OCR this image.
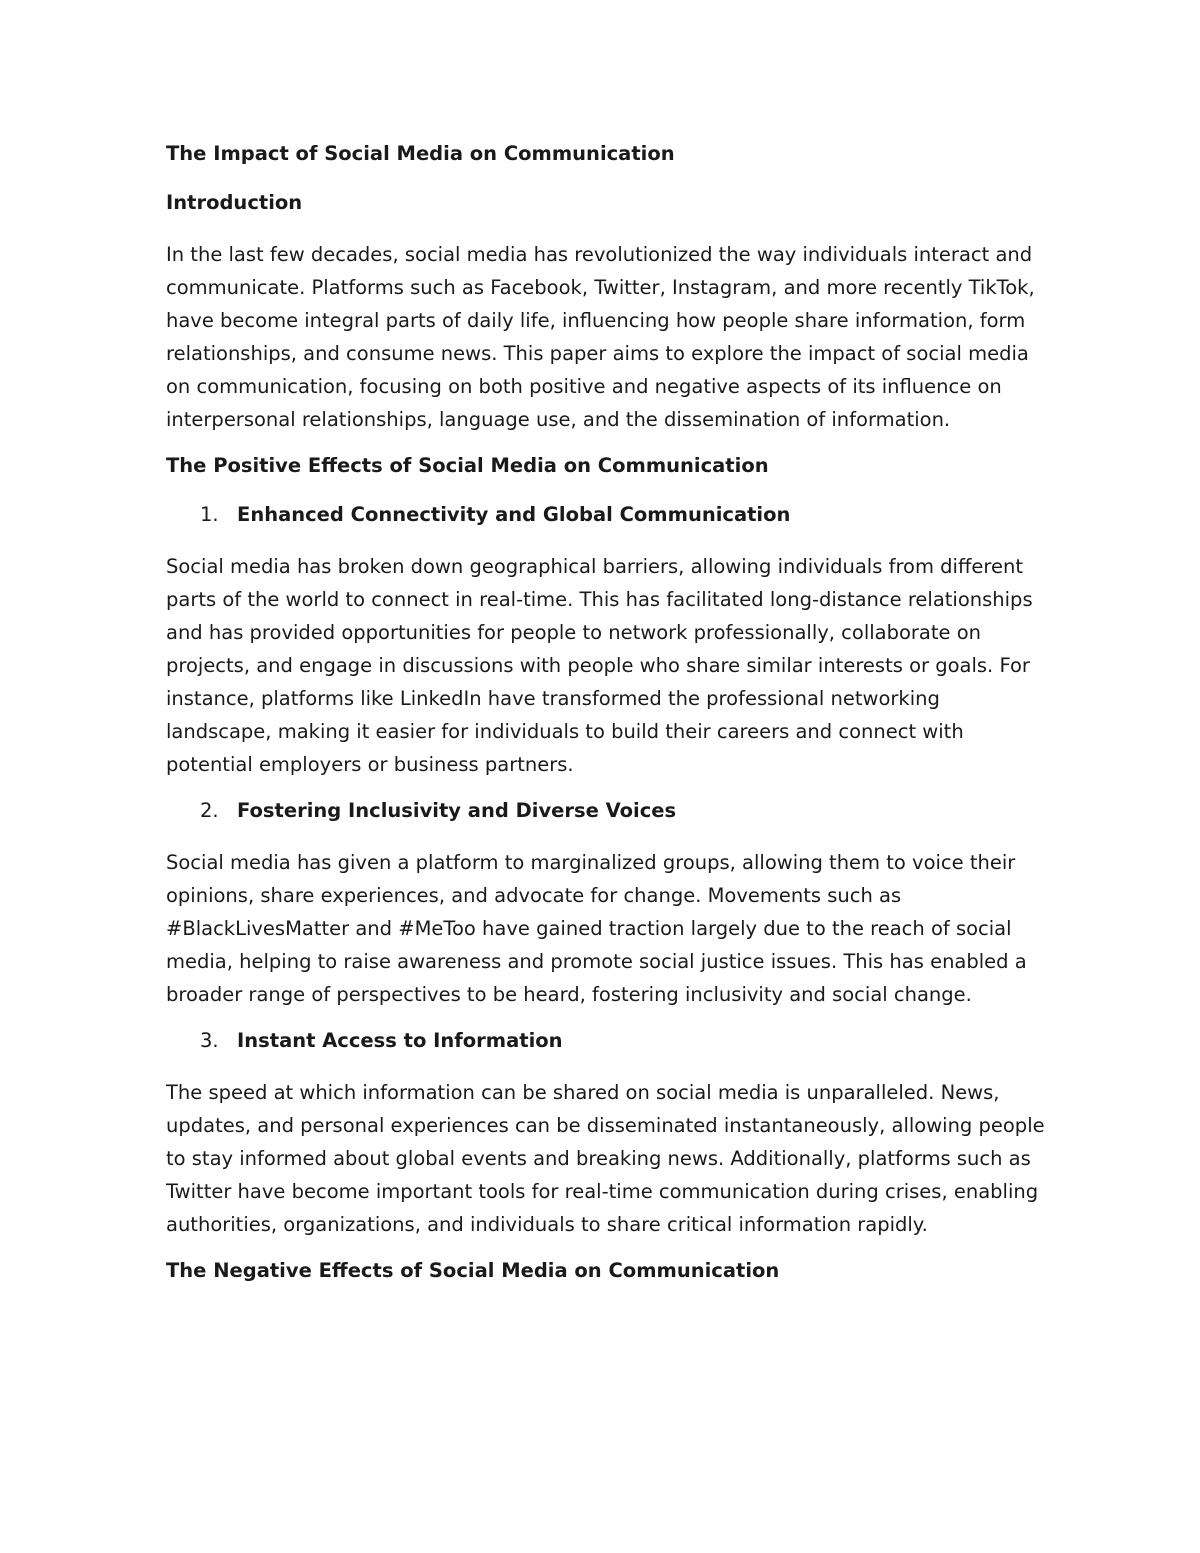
The Impact of Social Media on Communication

Introduction

In the last few decades, social media has revolutionized the way individuals interact and communicate. Platforms such as Facebook, Twitter, Instagram, and more recently TikTok, have become integral parts of daily life, influencing how people share information, form relationships, and consume news. This paper aims to explore the impact of social media on communication, focusing on both positive and negative aspects of its influence on interpersonal relationships, language use, and the dissemination of information.

The Positive Effects of Social Media on Communication

1. Enhanced Connectivity and Global Communication

Social media has broken down geographical barriers, allowing individuals from different parts of the world to connect in real-time. This has facilitated long-distance relationships and has provided opportunities for people to network professionally, collaborate on projects, and engage in discussions with people who share similar interests or goals. For instance, platforms like LinkedIn have transformed the professional networking landscape, making it easier for individuals to build their careers and connect with potential employers or business partners.

2. Fostering Inclusivity and Diverse Voices

Social media has given a platform to marginalized groups, allowing them to voice their opinions, share experiences, and advocate for change. Movements such as #BlackLivesMatter and #MeToo have gained traction largely due to the reach of social media, helping to raise awareness and promote social justice issues. This has enabled a broader range of perspectives to be heard, fostering inclusivity and social change.

3. Instant Access to Information

The speed at which information can be shared on social media is unparalleled. News, updates, and personal experiences can be disseminated instantaneously, allowing people to stay informed about global events and breaking news. Additionally, platforms such as Twitter have become important tools for real-time communication during crises, enabling authorities, organizations, and individuals to share critical information rapidly.

The Negative Effects of Social Media on Communication
